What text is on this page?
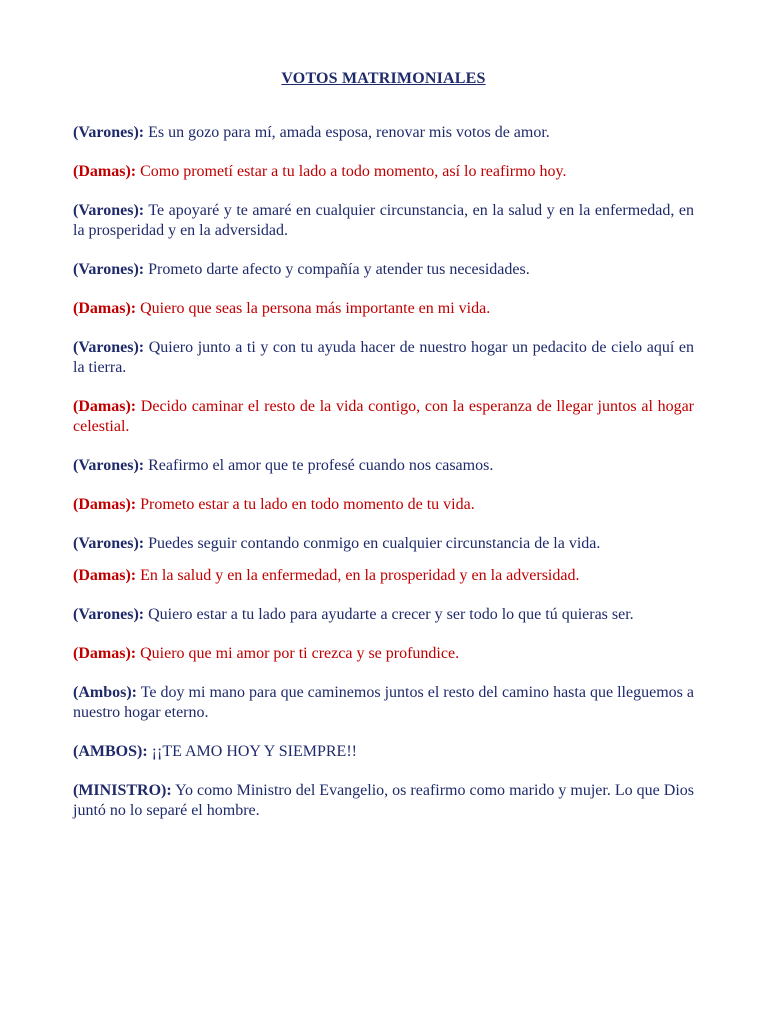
VOTOS MATRIMONIALES

(Varones): Es un gozo para mí, amada esposa, renovar mis votos de amor.

(Damas): Como prometí estar a tu lado a todo momento, así lo reafirmo hoy.

(Varones): Te apoyaré y te amaré en cualquier circunstancia, en la salud y en la enfermedad, en la prosperidad y en la adversidad.

(Varones): Prometo darte afecto y compañía y atender tus necesidades.

(Damas): Quiero que seas la persona más importante en mi vida.

(Varones): Quiero junto a ti y con tu ayuda hacer de nuestro hogar un pedacito de cielo aquí en la tierra.

(Damas): Decido caminar el resto de la vida contigo, con la esperanza de llegar juntos al hogar celestial.

(Varones): Reafirmo el amor que te profesé cuando nos casamos.

(Damas): Prometo estar a tu lado en todo momento de tu vida.

(Varones): Puedes seguir contando conmigo en cualquier circunstancia de la vida.

(Damas): En la salud y en la enfermedad, en la prosperidad y en la adversidad.

(Varones): Quiero estar a tu lado para ayudarte a crecer y ser todo lo que tú quieras ser.

(Damas): Quiero que mi amor por ti crezca y se profundice.

(Ambos): Te doy mi mano para que caminemos juntos el resto del camino hasta que lleguemos a nuestro hogar eterno.

(AMBOS): ¡¡TE AMO HOY Y SIEMPRE!!

(MINISTRO): Yo como Ministro del Evangelio, os reafirmo como marido y mujer. Lo que Dios juntó no lo separé el hombre.
